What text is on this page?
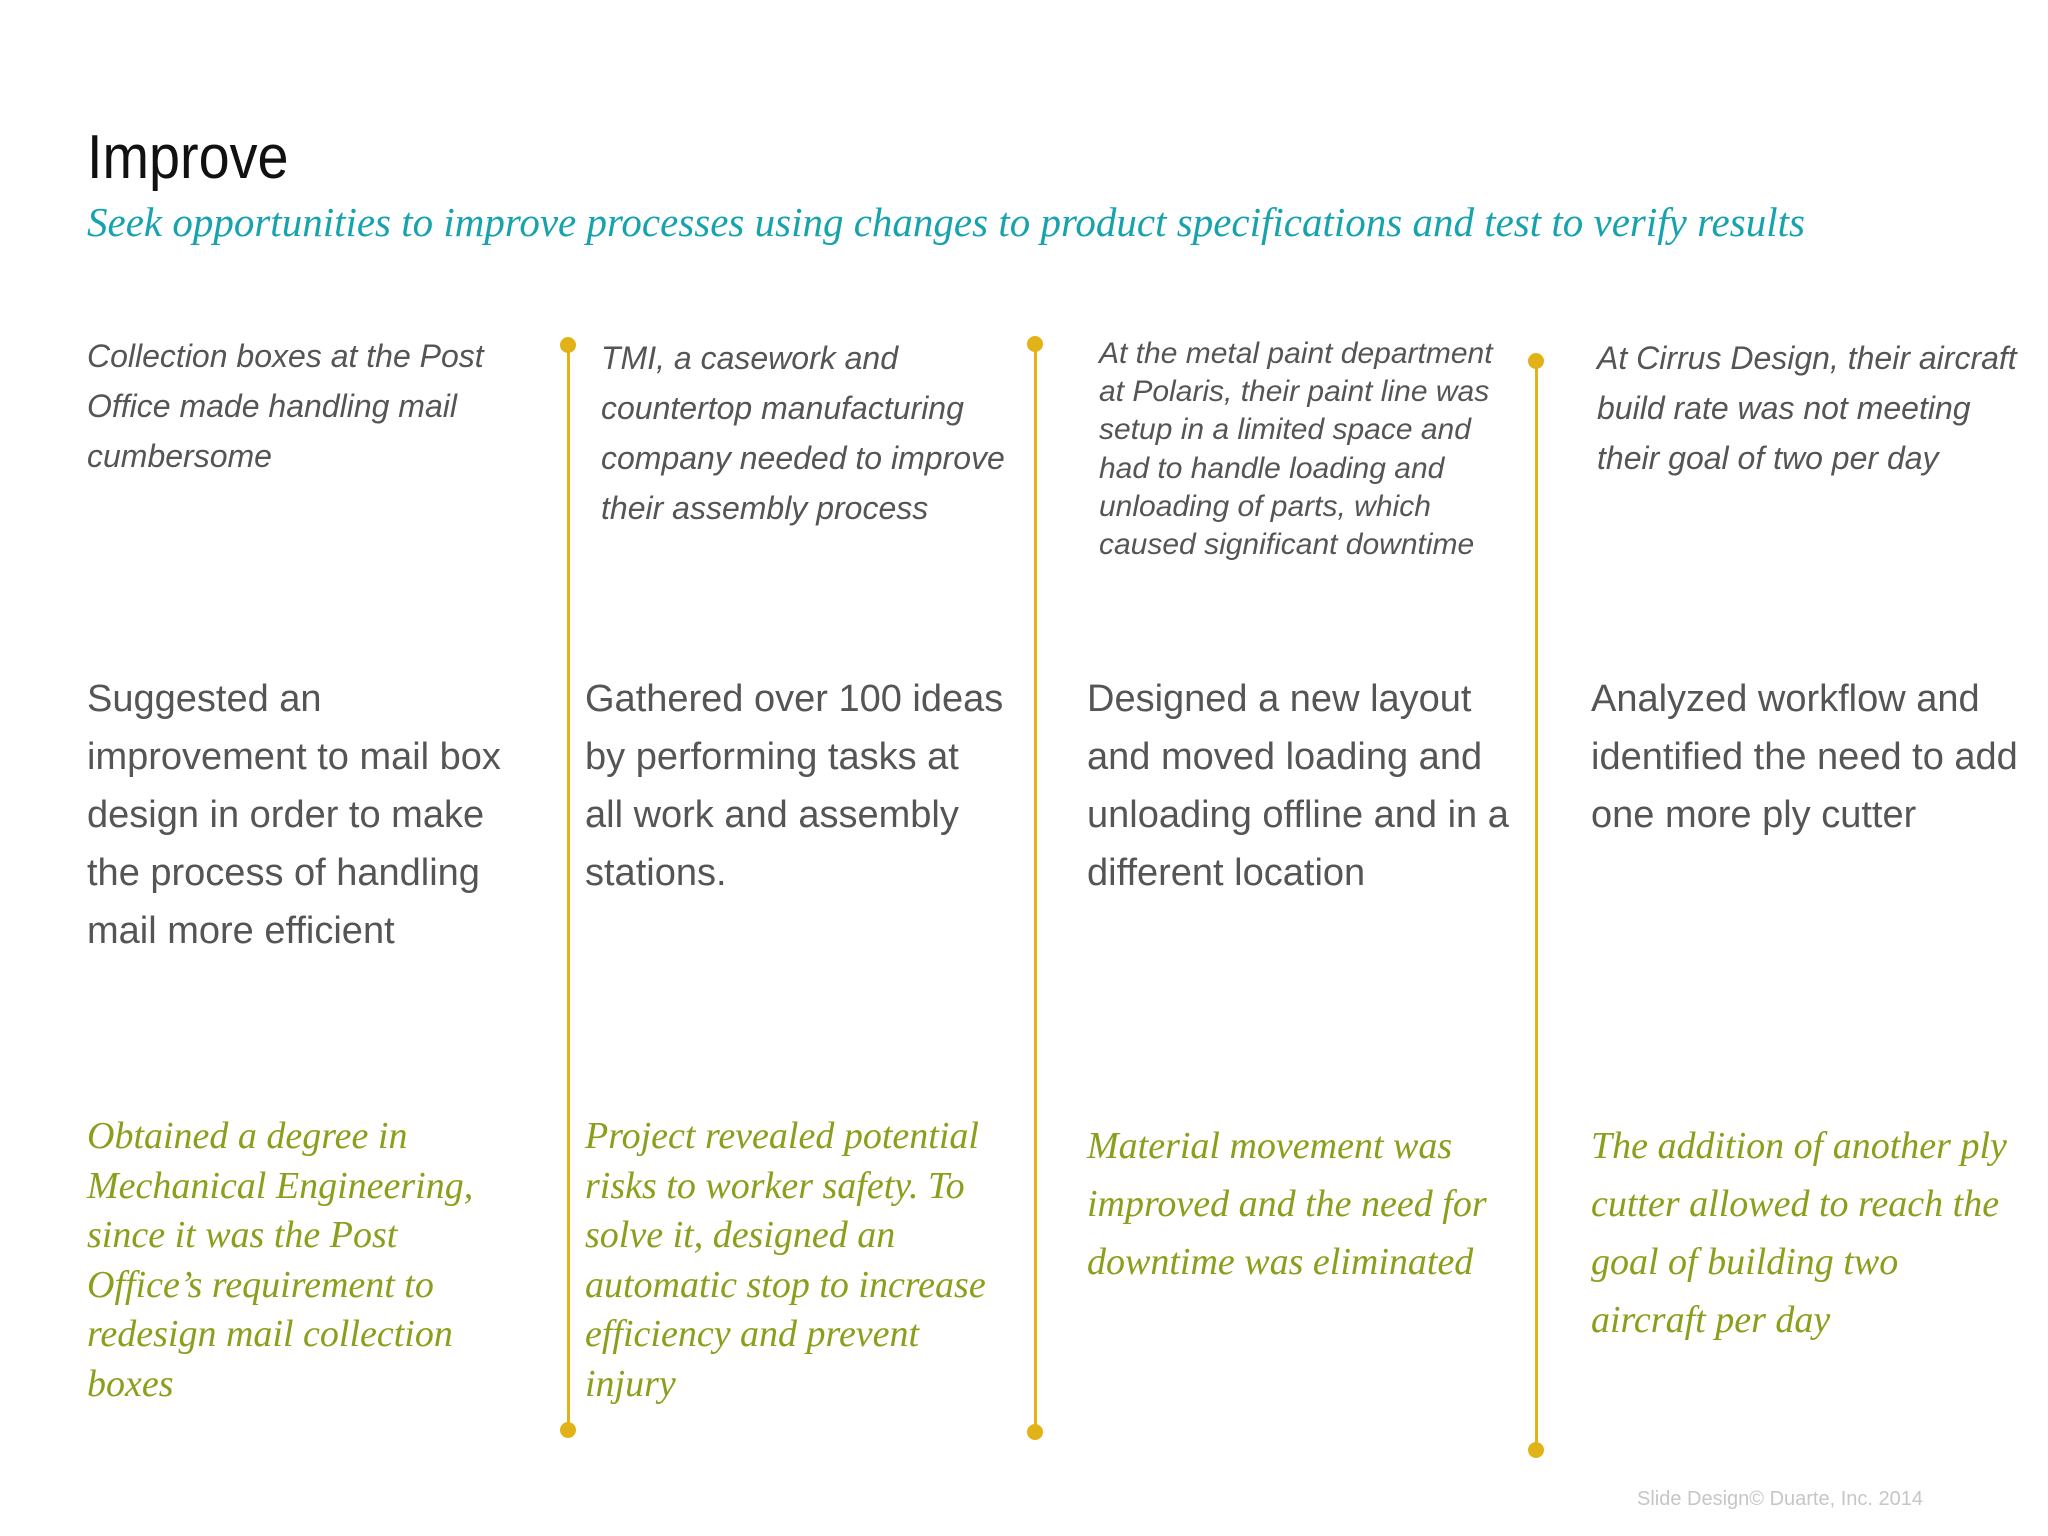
Improve

Seek opportunities to improve processes using changes to product specifications and test to verify results

Collection boxes at the Post Office made handling mail cumbersome

Suggested an improvement to mail box design in order to make the process of handling mail more efficient

Obtained a degree in Mechanical Engineering, since it was the Post Office’s requirement to redesign mail collection boxes

TMI, a casework and countertop manufacturing company needed to improve their assembly process

Gathered over 100 ideas by performing tasks at all work and assembly stations.

Project revealed potential risks to worker safety. To solve it, designed an automatic stop to increase efficiency and prevent injury

At the metal paint department at Polaris, their paint line was setup in a limited space and had to handle loading and unloading of parts, which caused significant downtime

Designed a new layout and moved loading and unloading offline and in a different location

Material movement was improved and the need for downtime was eliminated

At Cirrus Design, their aircraft build rate was not meeting their goal of two per day

Analyzed workflow and identified the need to add one more ply cutter

The addition of another ply cutter allowed to reach the goal of building two aircraft per day

Slide Design© Duarte, Inc. 2014
